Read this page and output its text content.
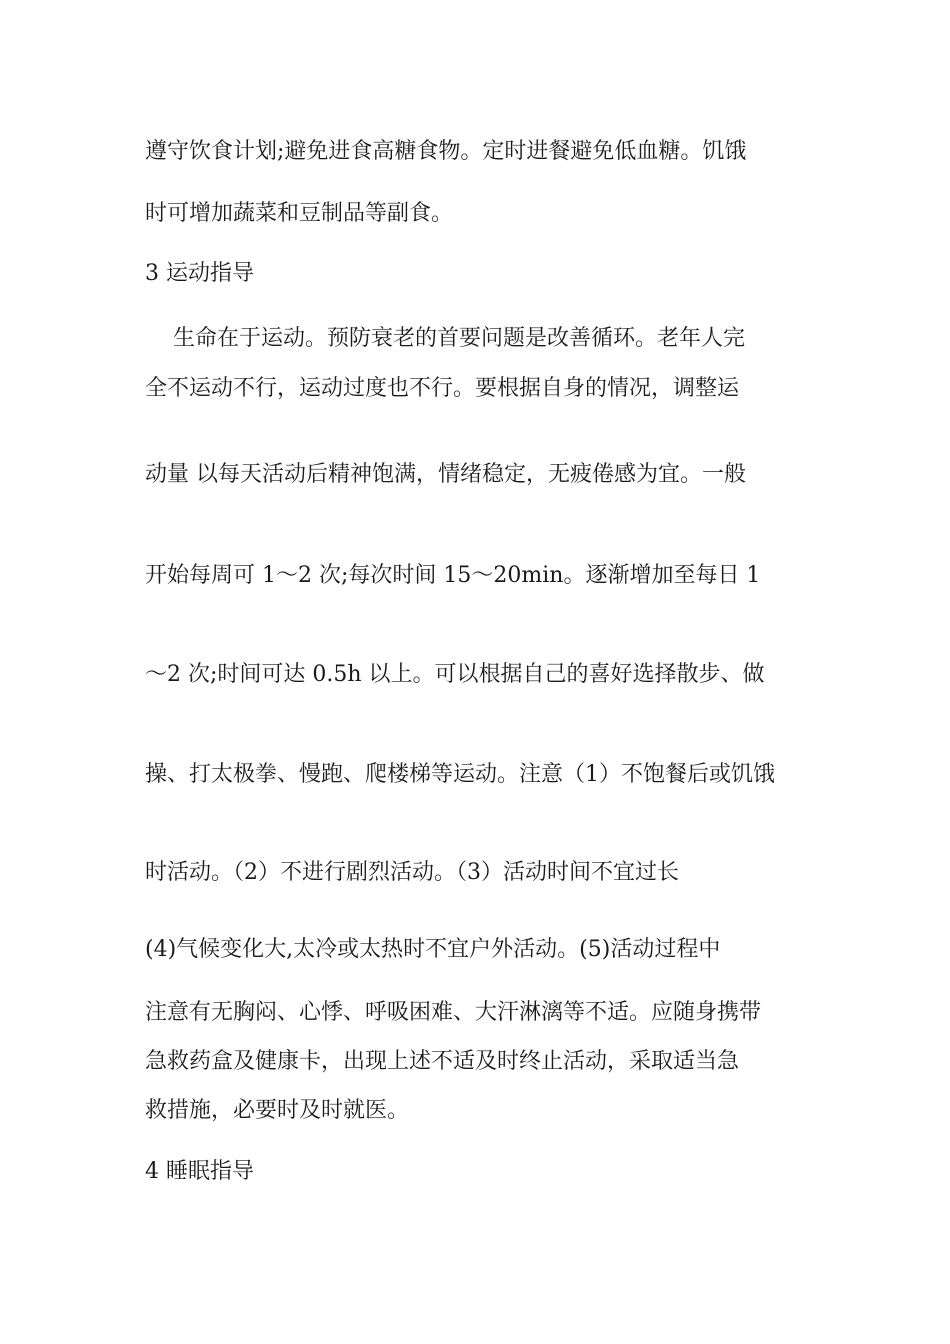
遵守饮食计划;避免进食高糖食物。定时进餐避免低血糖。饥饿
时可增加蔬菜和豆制品等副食。
3 运动指导
生命在于运动。预防衰老的首要问题是改善循环。老年人完
全不运动不行，运动过度也不行。要根据自身的情况，调整运
动量 以每天活动后精神饱满，情绪稳定，无疲倦感为宜。一般
开始每周可 1～2 次;每次时间 15～20min。逐渐增加至每日 1
～2 次;时间可达 0.5h 以上。可以根据自己的喜好选择散步、做
操、打太极拳、慢跑、爬楼梯等运动。注意（1）不饱餐后或饥饿
时活动。（2）不进行剧烈活动。（3）活动时间不宜过长
(4)气候变化大,太冷或太热时不宜户外活动。(5)活动过程中
注意有无胸闷、心悸、呼吸困难、大汗淋漓等不适。应随身携带
急救药盒及健康卡，出现上述不适及时终止活动，采取适当急
救措施，必要时及时就医。
4 睡眠指导
